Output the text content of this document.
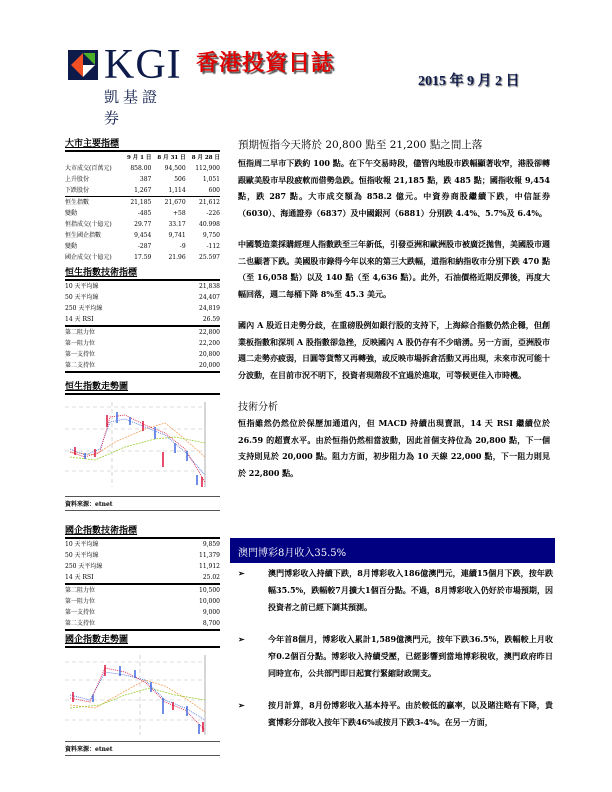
KGI
凱基證券
香港投資日誌
2015 年 9 月 2 日
大市主要指標
	9 月 1 日	8 月 31 日	8 月 28 日
大市成交(百萬元)	858.00	94,500	112,900
上升股份	387	506	1,051
下跌股份	1,267	1,114	600
恒生指數	21,185	21,670	21,612
變動	-485	+58	-226
恒指成交(十億元)	29.77	33.17	40.998
恒生國企指數	9,454	9,741	9,750
變動	-287	-9	-112
國企成交(十億元)	17.59	21.96	25.597
恒生指數技術指標
10 天平均線	21,838
50 天平均線	24,407
250 天平均線	24,819
14 天 RSI	26.59
第二阻力位	22,800
第一阻力位	22,200
第一支持位	20,800
第二支持位	20,000
恒生指數走勢圖
資料來源：etnet
國企指數技術指標
10 天平均線	9,859
50 天平均線	11,379
250 天平均線	11,912
14 天 RSI	25.02
第二阻力位	10,500
第一阻力位	10,000
第一支持位	9,000
第二支持位	8,700
國企指數走勢圖
資料來源：etnet
預期恆指今天將於 20,800 點至 21,200 點之間上落

恒指周二早市下跌約 100 點。在下午交易時段，儘管內地股市跌幅顯著收窄，港股卻轉跟歐美股市早段疲軟而借勢急跌。恒指收報 21,185 點，跌 485 點；國指收報 9,454 點，跌 287 點。大市成交額為 858.2 億元。中資券商股繼續下跌，中信証券（6030）、海通證券（6837）及中國銀河（6881）分別跌 4.4%、5.7%及 6.4%。

中國製造業採購經理人指數跌至三年新低，引發亞洲和歐洲股市被廣泛拋售，美國股市週二也顯著下跌。美國股市錄得今年以來的第三大跌幅，道指和納指收市分別下跌 470 點（至 16,058 點）以及 140 點（至 4,636 點）。此外，石油價格近期反彈後，再度大幅回落，週二每桶下降 8%至 45.3 美元。

國內 A 股近日走勢分歧，在重磅股例如銀行股的支持下，上海綜合指數仍然企穩，但創業板指數和深圳 A 股指數卻急挫，反映國內 A 股仍存有不少暗湧。另一方面，亞洲股市週二走勢亦疲弱，日圓等貨幣又再轉強，或反映市場拆倉活動又再出現，未來市況可能十分波動，在目前市況不明下，投資者現階段不宜過於進取，可等候更佳入市時機。

技術分析

恒指雖然仍然位於保歷加通道內，但 MACD 持續出現賣訊，14 天 RSI 繼續位於 26.59 的超賣水平。由於恒指仍然相當波動，因此首個支持位為 20,800 點，下一個支持則見於 20,000 點。阻力方面，初步阻力為 10 天線 22,000 點，下一阻力則見於 22,800 點。

澳門博彩8月收入35.5%
➢	澳門博彩收入持續下跌，8月博彩收入186億澳門元，連續15個月下跌，按年跌幅35.5%，跌幅較7月擴大1個百分點。不過，8月博彩收入仍好於市場預期，因投資者之前已經下調其預測。
➢	今年首8個月，博彩收入累計1,589億澳門元，按年下跌36.5%，跌幅較上月收窄0.2個百分點。博彩收入持續受壓，已經影響到當地博彩稅收，澳門政府昨日同時宣布，公共部門即日起實行緊縮財政開支。
➢	按月計算，8月份博彩收入基本持平。由於較低的贏率，以及賭注略有下降，貴賓博彩分部收入按年下跌46%或按月下跌3-4%。在另一方面，
